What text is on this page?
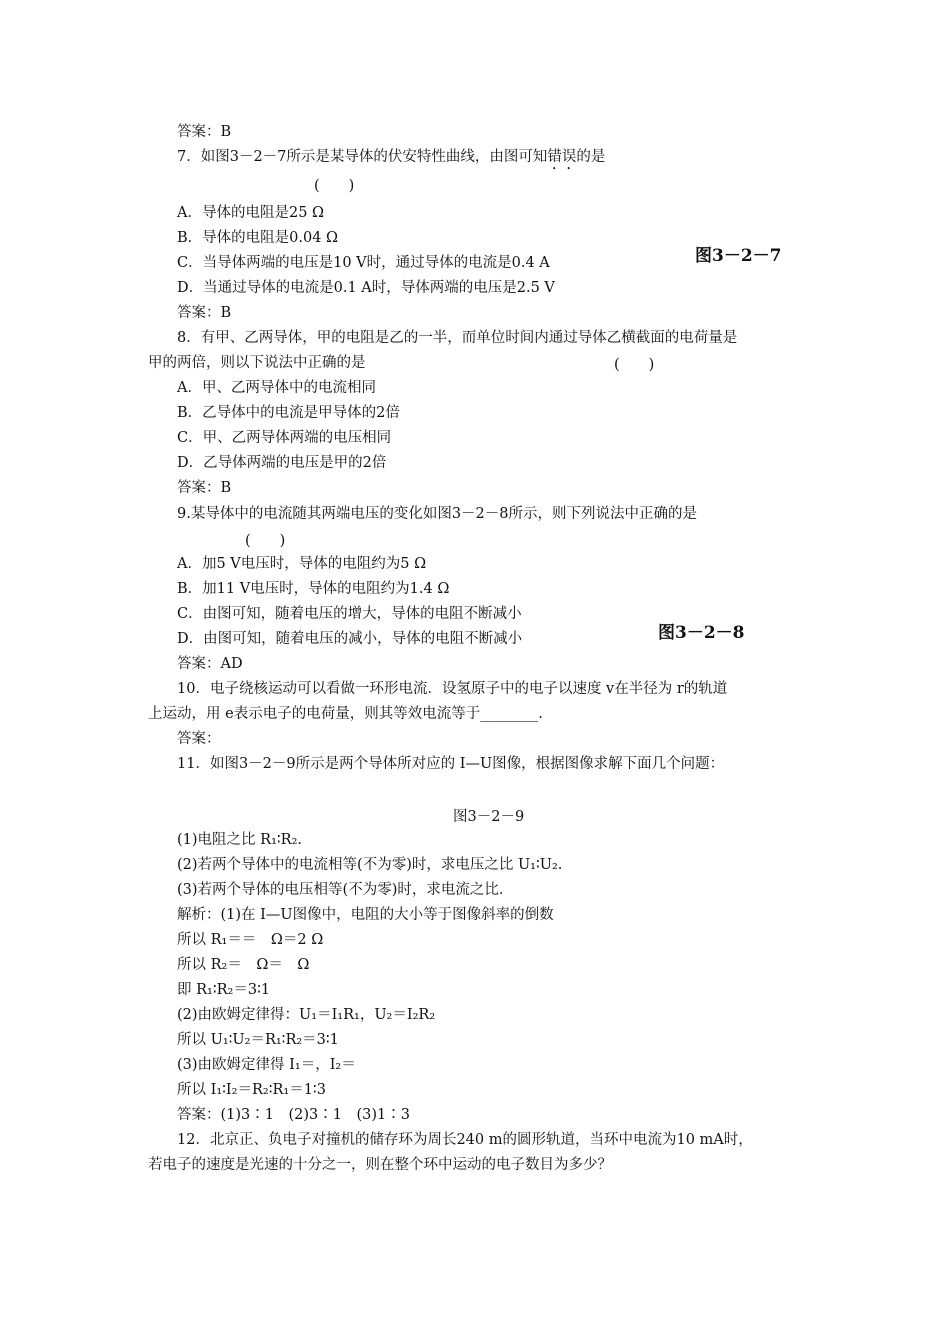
答案：B
7．如图3－2－7所示是某导体的伏安特性曲线，由图可知错误的是
(　　)
A．导体的电阻是25 Ω
B．导体的电阻是0.04 Ω
C．当导体两端的电压是10 V时，通过导体的电流是0.4 A
D．当通过导体的电流是0.1 A时，导体两端的电压是2.5 V
图3－2－7
答案：B
8．有甲、乙两导体，甲的电阻是乙的一半，而单位时间内通过导体乙横截面的电荷量是
甲的两倍，则以下说法中正确的是	(　　)
A．甲、乙两导体中的电流相同
B．乙导体中的电流是甲导体的2倍
C．甲、乙两导体两端的电压相同
D．乙导体两端的电压是甲的2倍
答案：B
9.某导体中的电流随其两端电压的变化如图3－2－8所示，则下列说法中正确的是
(　　)
A．加5 V电压时，导体的电阻约为5 Ω
B．加11 V电压时，导体的电阻约为1.4 Ω
C．由图可知，随着电压的增大，导体的电阻不断减小
D．由图可知，随着电压的减小，导体的电阻不断减小	图3－2－8
答案：AD
10．电子绕核运动可以看做一环形电流．设氢原子中的电子以速度 v在半径为 r的轨道
上运动，用 e表示电子的电荷量，则其等效电流等于________.
答案：
11．如图3－2－9所示是两个导体所对应的 I—U图像，根据图像求解下面几个问题：
图3－2－9
(1)电阻之比 R₁∶R₂.
(2)若两个导体中的电流相等(不为零)时，求电压之比 U₁∶U₂.
(3)若两个导体的电压相等(不为零)时，求电流之比．
解析：(1)在 I—U图像中，电阻的大小等于图像斜率的倒数
所以 R₁＝＝　Ω＝2 Ω
所以 R₂＝　Ω＝　Ω
即 R₁∶R₂＝3∶1
(2)由欧姆定律得：U₁＝I₁R₁，U₂＝I₂R₂
所以 U₁∶U₂＝R₁∶R₂＝3∶1
(3)由欧姆定律得 I₁＝，I₂＝
所以 I₁∶I₂＝R₂∶R₁＝1∶3
答案：(1)3∶1　(2)3∶1　(3)1∶3
12．北京正、负电子对撞机的储存环为周长240 m的圆形轨道，当环中电流为10 mA时，
若电子的速度是光速的十分之一，则在整个环中运动的电子数目为多少？
